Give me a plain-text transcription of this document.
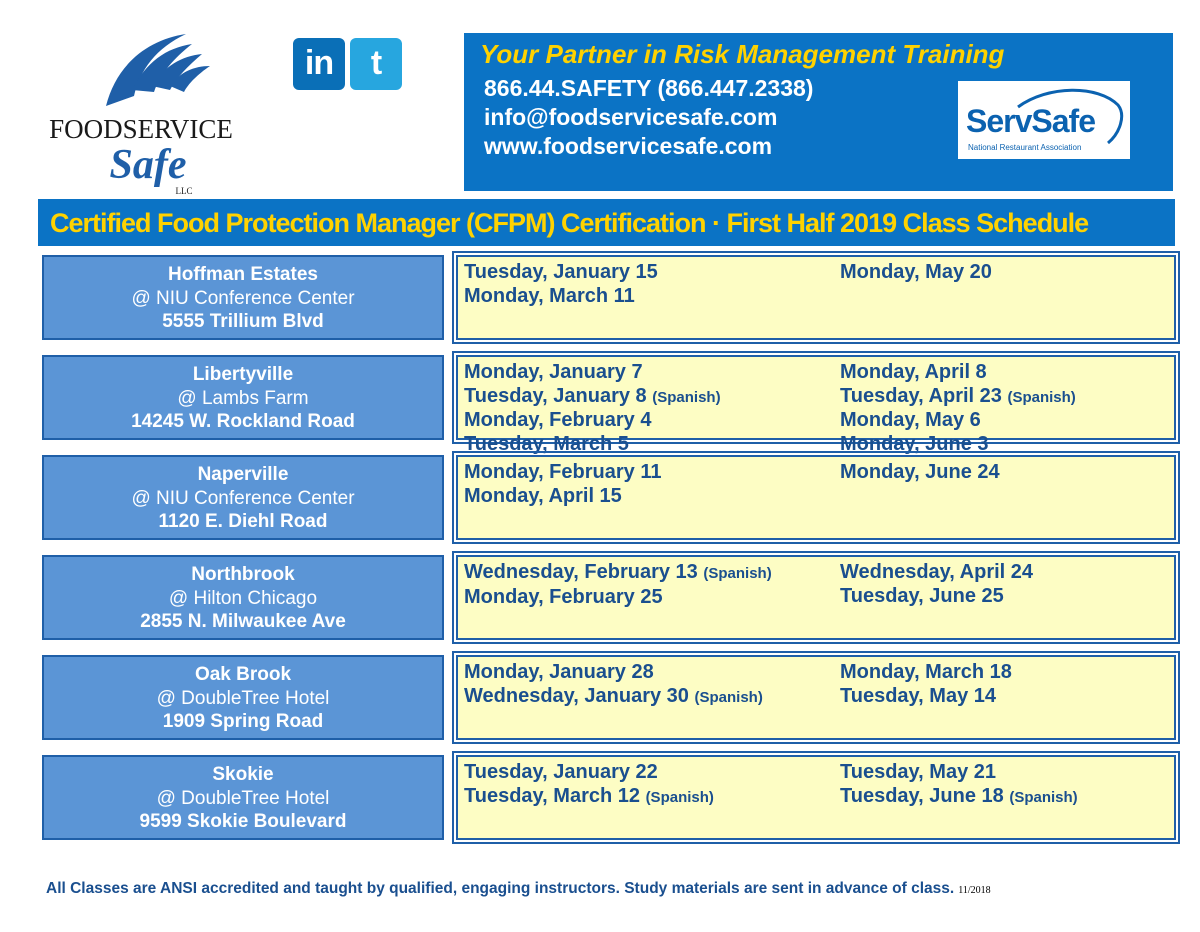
FOODSERVICE
Safe
LLC
in	t	Your Partner in Risk Management Training
866.44.SAFETY (866.447.2338)
info@foodservicesafe.com
www.foodservicesafe.com
ServSafe
National Restaurant Association
Certified Food Protection Manager (CFPM) Certification · First Half 2019 Class Schedule
Hoffman Estates
@ NIU Conference Center
5555 Trillium Blvd
Tuesday, January 15
Monday, March 11
Monday, May 20
Libertyville
@ Lambs Farm
14245 W. Rockland Road
Monday, January 7
Tuesday, January 8 (Spanish)
Monday, February 4
Tuesday, March 5
Monday, April 8
Tuesday, April 23 (Spanish)
Monday, May 6
Monday, June 3
Naperville
@ NIU Conference Center
1120 E. Diehl Road
Monday, February 11
Monday, April 15
Monday, June 24
Northbrook
@ Hilton Chicago
2855 N. Milwaukee Ave
Wednesday, February 13 (Spanish)
Monday, February 25
Wednesday, April 24
Tuesday, June 25
Oak Brook
@ DoubleTree Hotel
1909 Spring Road
Monday, January 28
Wednesday, January 30 (Spanish)
Monday, March 18
Tuesday, May 14
Skokie
@ DoubleTree Hotel
9599 Skokie Boulevard
Tuesday, January 22
Tuesday, March 12 (Spanish)
Tuesday, May 21
Tuesday, June 18 (Spanish)
All Classes are ANSI accredited and taught by qualified, engaging instructors. Study materials are sent in advance of class. 11/2018
